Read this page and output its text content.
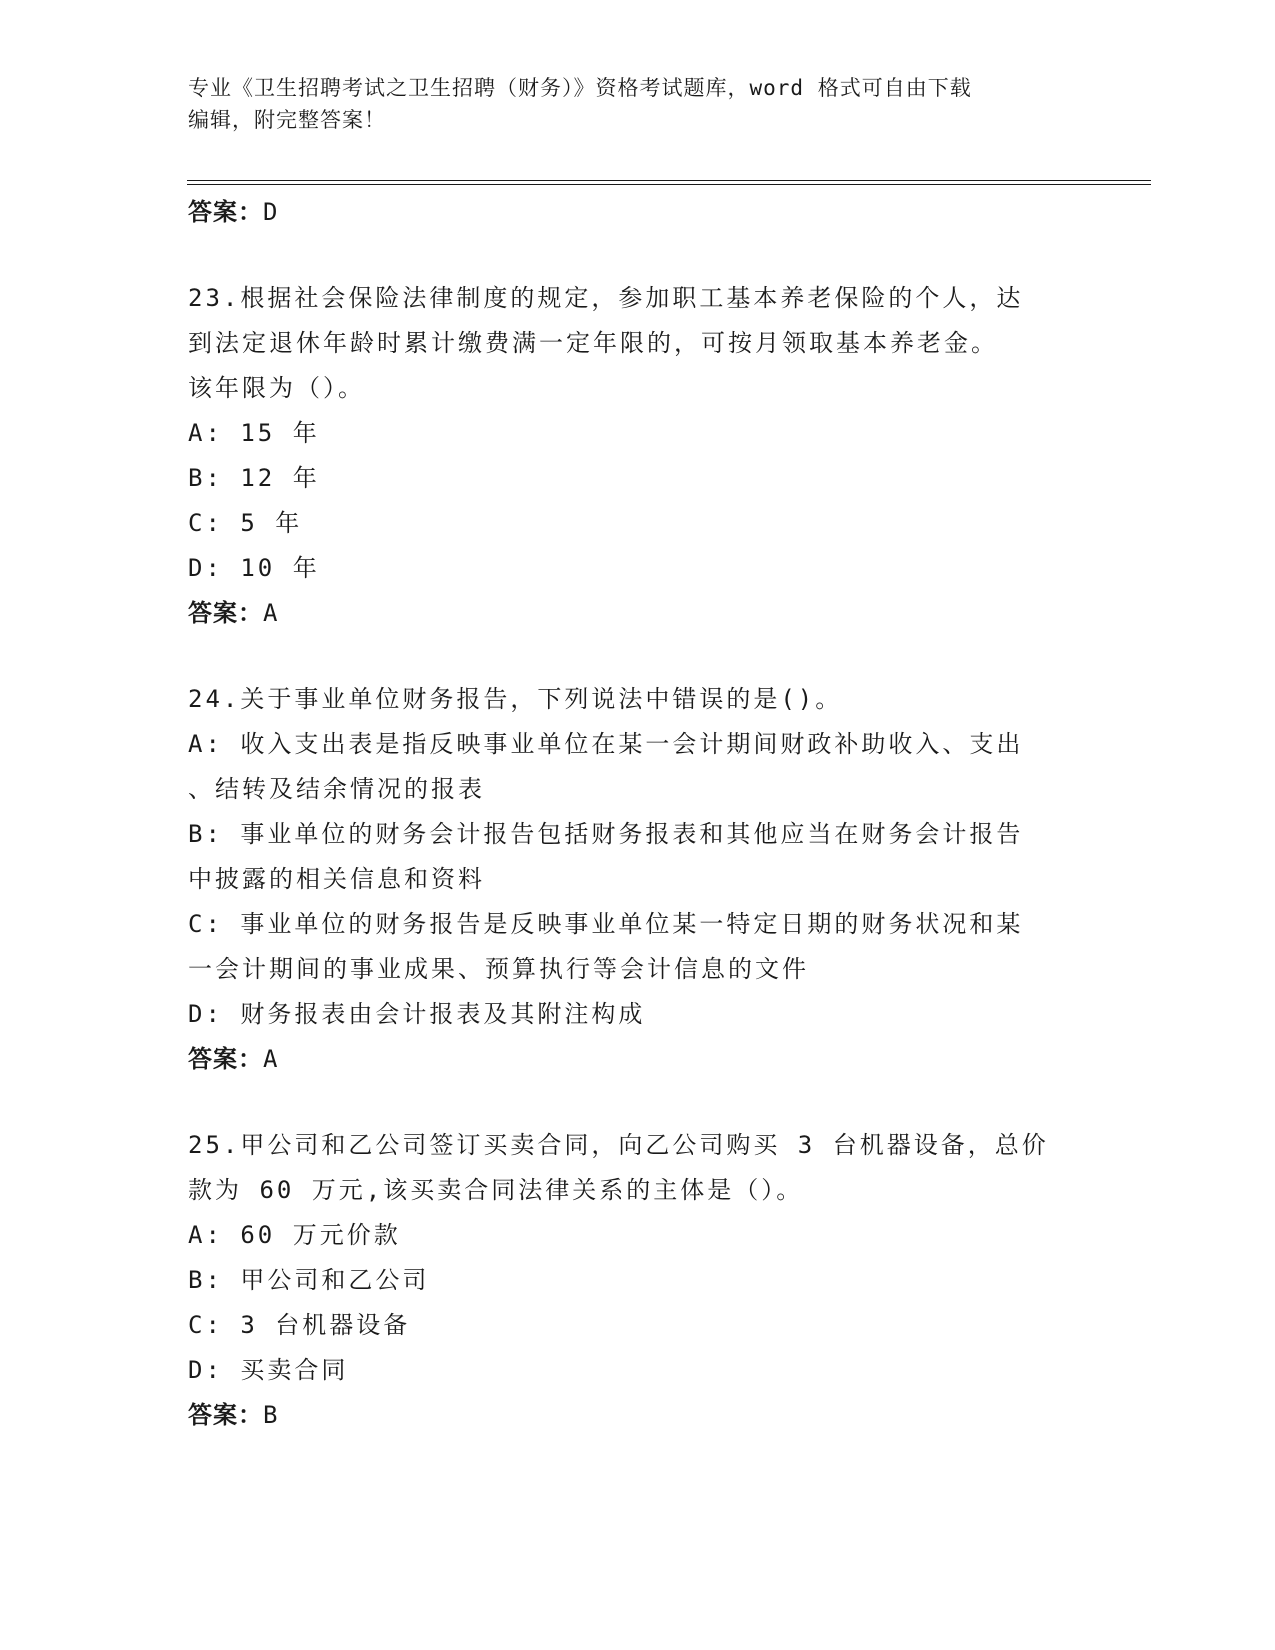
专业《卫生招聘考试之卫生招聘（财务）》资格考试题库，word 格式可自由下载
编辑，附完整答案！

答案：D

23.根据社会保险法律制度的规定，参加职工基本养老保险的个人，达

到法定退休年龄时累计缴费满一定年限的，可按月领取基本养老金。

该年限为（）。

A: 15 年

B: 12 年

C: 5 年

D: 10 年

答案：A

24.关于事业单位财务报告，下列说法中错误的是()。

A: 收入支出表是指反映事业单位在某一会计期间财政补助收入、支出

、结转及结余情况的报表

B: 事业单位的财务会计报告包括财务报表和其他应当在财务会计报告

中披露的相关信息和资料

C: 事业单位的财务报告是反映事业单位某一特定日期的财务状况和某

一会计期间的事业成果、预算执行等会计信息的文件

D: 财务报表由会计报表及其附注构成

答案：A

25.甲公司和乙公司签订买卖合同，向乙公司购买 3 台机器设备，总价

款为 60 万元,该买卖合同法律关系的主体是（）。

A: 60 万元价款

B: 甲公司和乙公司

C: 3 台机器设备

D: 买卖合同

答案：B
